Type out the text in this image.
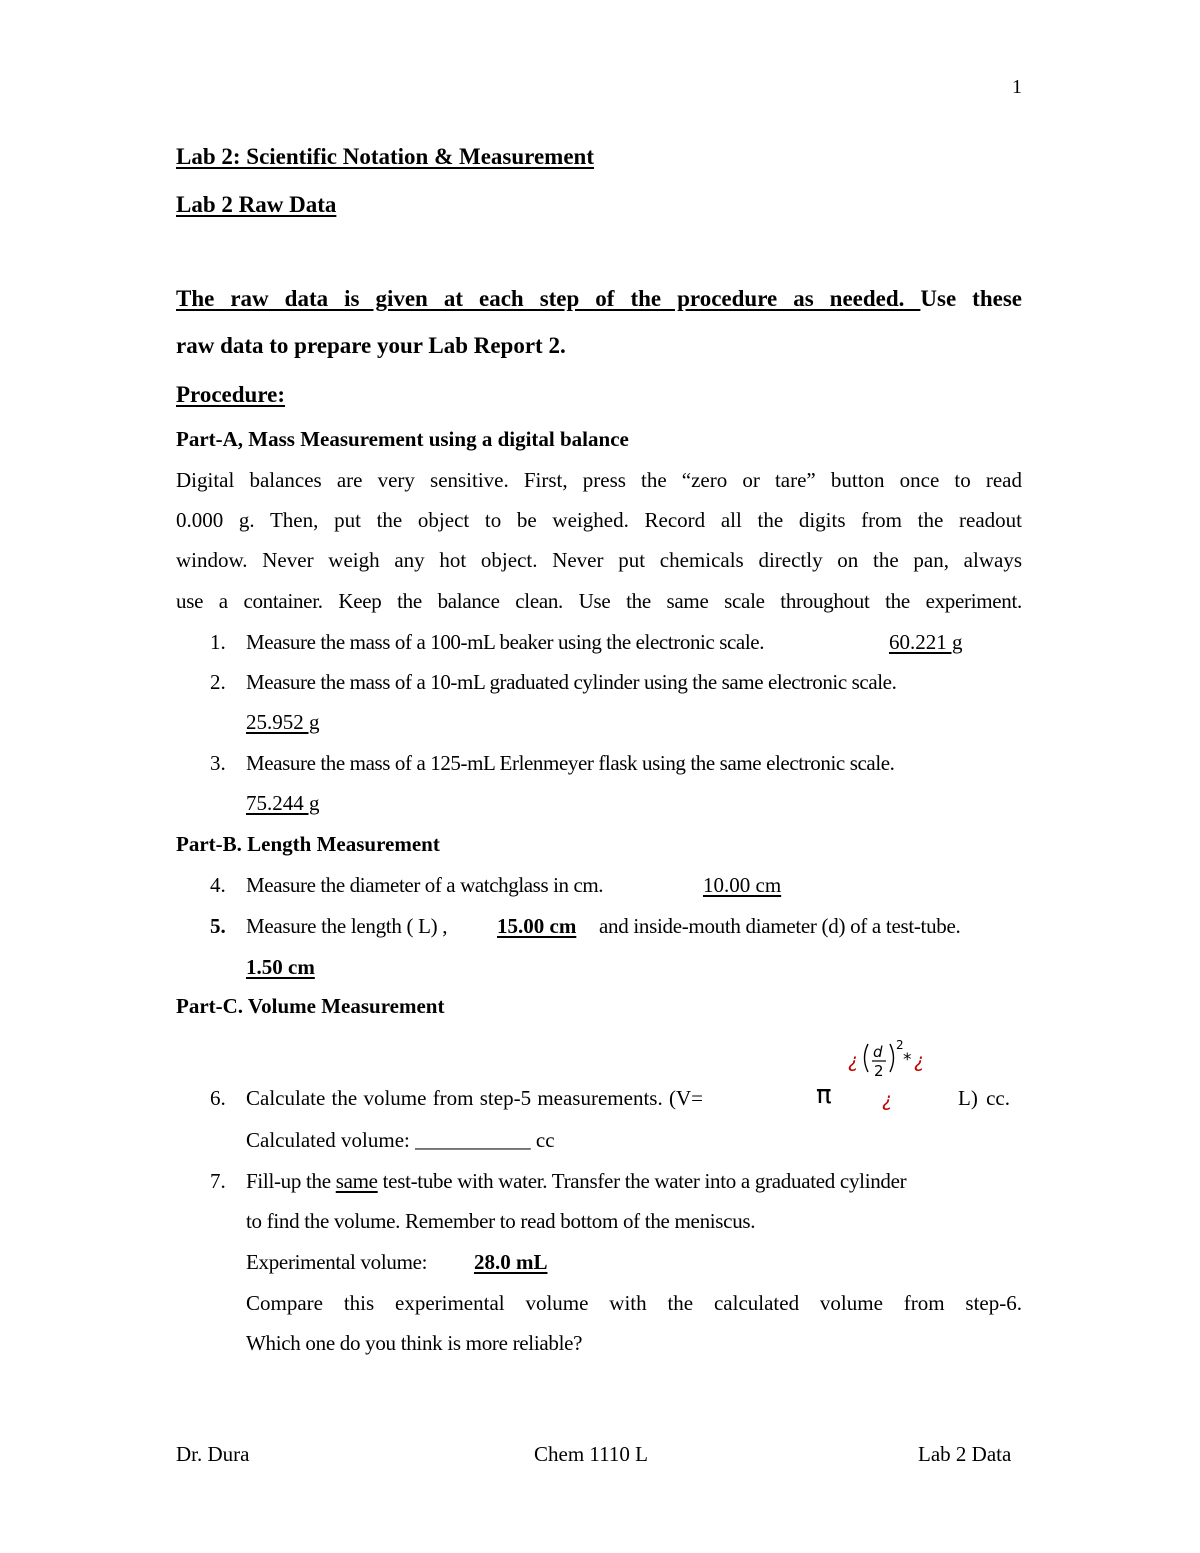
1
Lab 2: Scientific Notation & Measurement
Lab 2 Raw Data
The raw data is given at each step of the procedure as needed. Use these
raw data to prepare your Lab Report 2.
Procedure:
Part-A, Mass Measurement using a digital balance
Digital balances are very sensitive. First, press the “zero or tare” button once to read
0.000 g. Then, put the object to be weighed. Record all the digits from the readout
window. Never weigh any hot object. Never put chemicals directly on the pan, always
use a container. Keep the balance clean. Use the same scale throughout the experiment.
1. Measure the mass of a 100-mL beaker using the electronic scale.	60.221 g
2. Measure the mass of a 10-mL graduated cylinder using the same electronic scale.
25.952 g
3. Measure the mass of a 125-mL Erlenmeyer flask using the same electronic scale.
75.244 g
Part-B. Length Measurement
4. Measure the diameter of a watchglass in cm.	10.00 cm
5. Measure the length ( L) , 15.00 cm and inside-mouth diameter (d) of a test-tube.
1.50 cm
Part-C. Volume Measurement
6. Calculate the volume from step-5 measurements. (V=	π	L) cc.
¿ d
2
2
* ¿
¿
Calculated volume: ___________ cc
7. Fill-up the same test-tube with water. Transfer the water into a graduated cylinder
to find the volume. Remember to read bottom of the meniscus.
Experimental volume: 28.0 mL
Compare this experimental volume with the calculated volume from step-6.
Which one do you think is more reliable?
Dr. Dura	Chem 1110 L	Lab 2 Data
